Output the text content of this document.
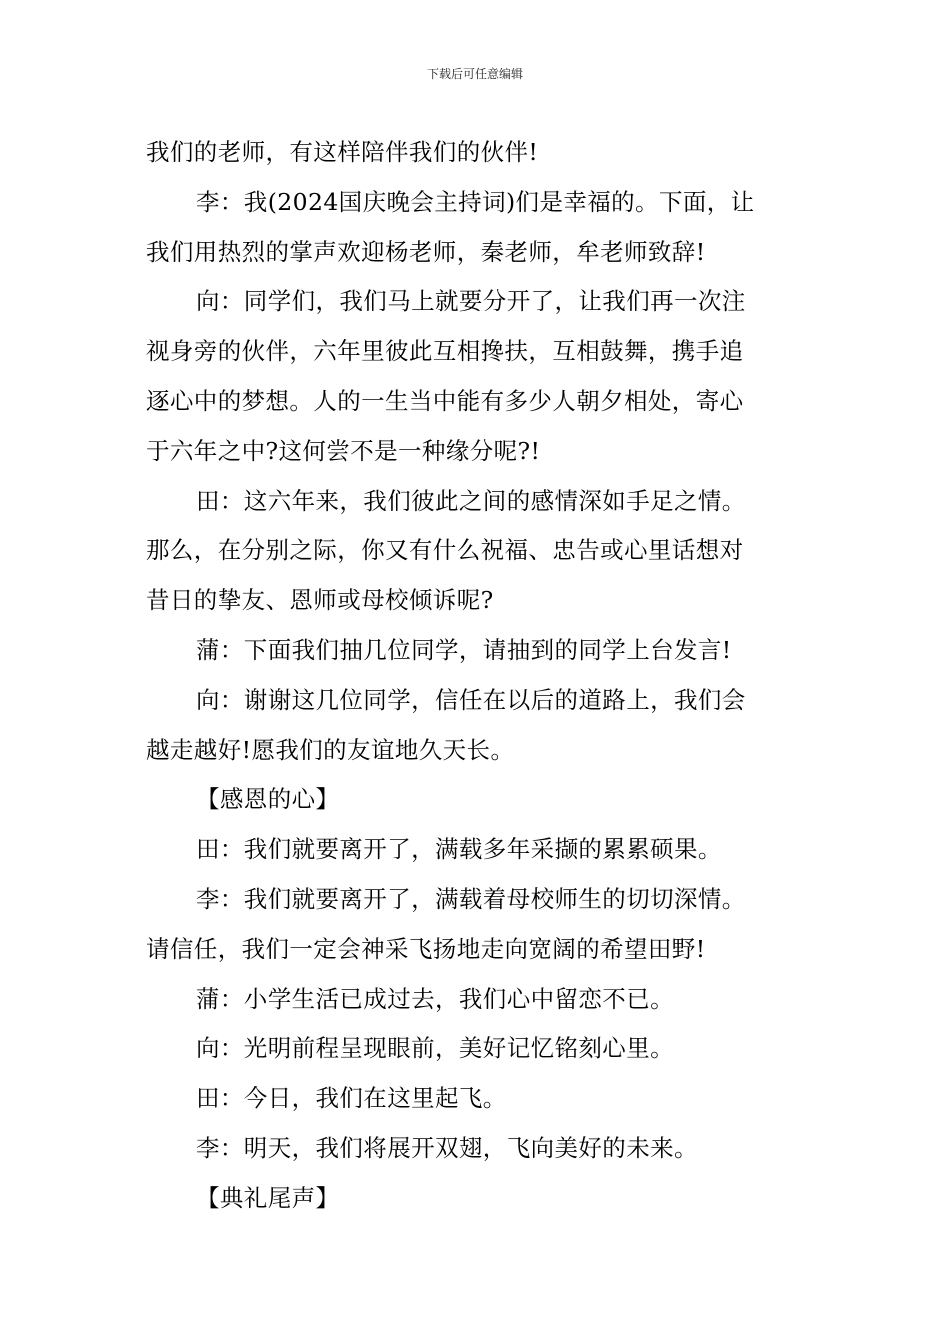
下载后可任意编辑

我们的老师，有这样陪伴我们的伙伴!

李：我(2024国庆晚会主持词)们是幸福的。下面，让

我们用热烈的掌声欢迎杨老师，秦老师，牟老师致辞!

向：同学们，我们马上就要分开了，让我们再一次注

视身旁的伙伴，六年里彼此互相搀扶，互相鼓舞，携手追

逐心中的梦想。人的一生当中能有多少人朝夕相处，寄心

于六年之中?这何尝不是一种缘分呢?!

田：这六年来，我们彼此之间的感情深如手足之情。

那么，在分别之际，你又有什么祝福、忠告或心里话想对

昔日的挚友、恩师或母校倾诉呢?

蒲：下面我们抽几位同学，请抽到的同学上台发言!

向：谢谢这几位同学，信任在以后的道路上，我们会

越走越好!愿我们的友谊地久天长。

【感恩的心】

田：我们就要离开了，满载多年采撷的累累硕果。

李：我们就要离开了，满载着母校师生的切切深情。

请信任，我们一定会神采飞扬地走向宽阔的希望田野!

蒲：小学生活已成过去，我们心中留恋不已。

向：光明前程呈现眼前，美好记忆铭刻心里。

田：今日，我们在这里起飞。

李：明天，我们将展开双翅，飞向美好的未来。

【典礼尾声】
